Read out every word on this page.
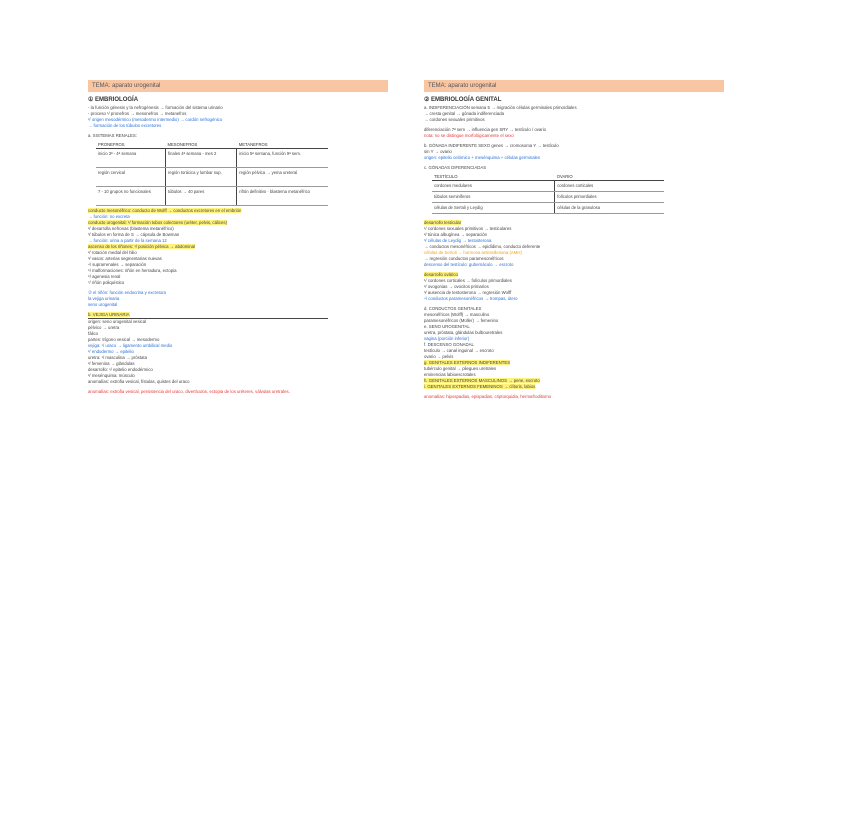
TEMA: aparato urogenital
① EMBRIOLOGÍA
- la función génesis y la nefrogénesis → formación del sistema urinario
- proceso ¹/ pronefros → mesonefros → metanefros
²/ origen mesodérmico (mesodermo intermedio) → cordón nefrogénico
→ formación de los túbulos excretores
a. SISTEMAS RENALES:
PRONEFROS	MESONEFROS	METANEFROS
inicio 3ª - 4ª semana	finales 4ª semana - mes 2	inicio 5ª semana, función 9ª sem.
región cervical	región torácica y lumbar sup.	región pélvica → yema ureteral
7 - 10 grupos no funcionales	túbulos → 40 pares	riñón definitivo · blastema metanéfrico
conducto mesonéfrico: conducto de Wolff → conductos excretores en el embrión
→ función: no excreta
conducto urogenital: ¹/ formación tubos colectores (uréter, pelvis, cálices)
²/ desarrolla nefronas (blastema metanéfrico)
³/ túbulos en forma de S → cápsula de Bowman
→ función: orina a partir de la semana 12
ascenso de los riñones: ¹/ posición pélvica → abdominal
²/ rotación medial del hilio
³/ vasos: arterias segmentarias nuevas
⁴/ suprarrenales → separación
⁵/ malformaciones: riñón en herradura, ectopia
⁶/ agenesia renal
⁷/ riñón poliquístico
② el riñón: función endocrina y excretora
la vejiga urinaria
seno urogenital
b. VEJIGA URINARIA
origen: seno urogenital vesical
pélvico → uretra
fálico
partes: trígono vesical → mesodermo
vejiga: ¹/ uraco → ligamento umbilical medio
²/ endodermo → epitelio
uretra: ¹/ masculina → próstata
²/ femenina → glándulas
desarrollo: ¹/ epitelio endodérmico
²/ mesénquima: músculo
anomalías: extrofia vesical, fístulas, quistes del uraco
anomalías: extrofia vesical, persistencia del uraco, divertículos, ectopia de los uréteres, válvulas uretrales.
TEMA: aparato urogenital
② EMBRIOLOGÍA GENITAL
a. INDIFERENCIACIÓN semana 5 → migración células germinales primordiales
→ cresta genital → gónada indiferenciada
→ cordones sexuales primitivos
diferenciación 7ª sem → influencia gen SRY → testículo / ovario
nota: no se distingue morfológicamente el sexo
b. GÓNADA INDIFERENTE SEXO genes → cromosoma Y → testículo
sin Y → ovario
origen: epitelio celómico + mesénquima + células germinales
c. GÓNADAS DIFERENCIADAS
TESTÍCULO	OVARIO
cordones medulares	cordones corticales
túbulos seminíferos	folículos primordiales
células de Sertoli y Leydig	células de la granulosa
desarrollo testicular
¹/ cordones sexuales primitivos → testiculares
²/ túnica albugínea → separación
³/ células de Leydig → testosterona
→ conductos mesonéfricos → epidídimo, conducto deferente
células de Sertoli → hormona antimülleriana (AMH)
→ regresión conductos paramesonéfricos
descenso del testículo: gubernáculo → escroto
desarrollo ovárico
¹/ cordones corticales → folículos primordiales
²/ ovogonias → ovocitos primarios
³/ ausencia de testosterona → regresión Wolff
⁴/ conductos paramesonéfricos → trompas, útero
d. CONDUCTOS GENITALES
mesonéfricos (Wolff) → masculino
paramesonéfricos (Müller) → femenino
e. SENO UROGENITAL
uretra, próstata, glándulas bulbouretrales
vagina (porción inferior)
f. DESCENSO GONADAL
testículo → canal inguinal → escroto
ovario → pelvis
g. GENITALES EXTERNOS INDIFERENTES
tubérculo genital → pliegues uretrales
eminencias labioescrotales
h. GENITALES EXTERNOS MASCULINOS → pene, escroto
i. GENITALES EXTERNOS FEMENINOS → clítoris, labios
anomalías: hipospadias, epispadias, criptorquidia, hermafroditismo
